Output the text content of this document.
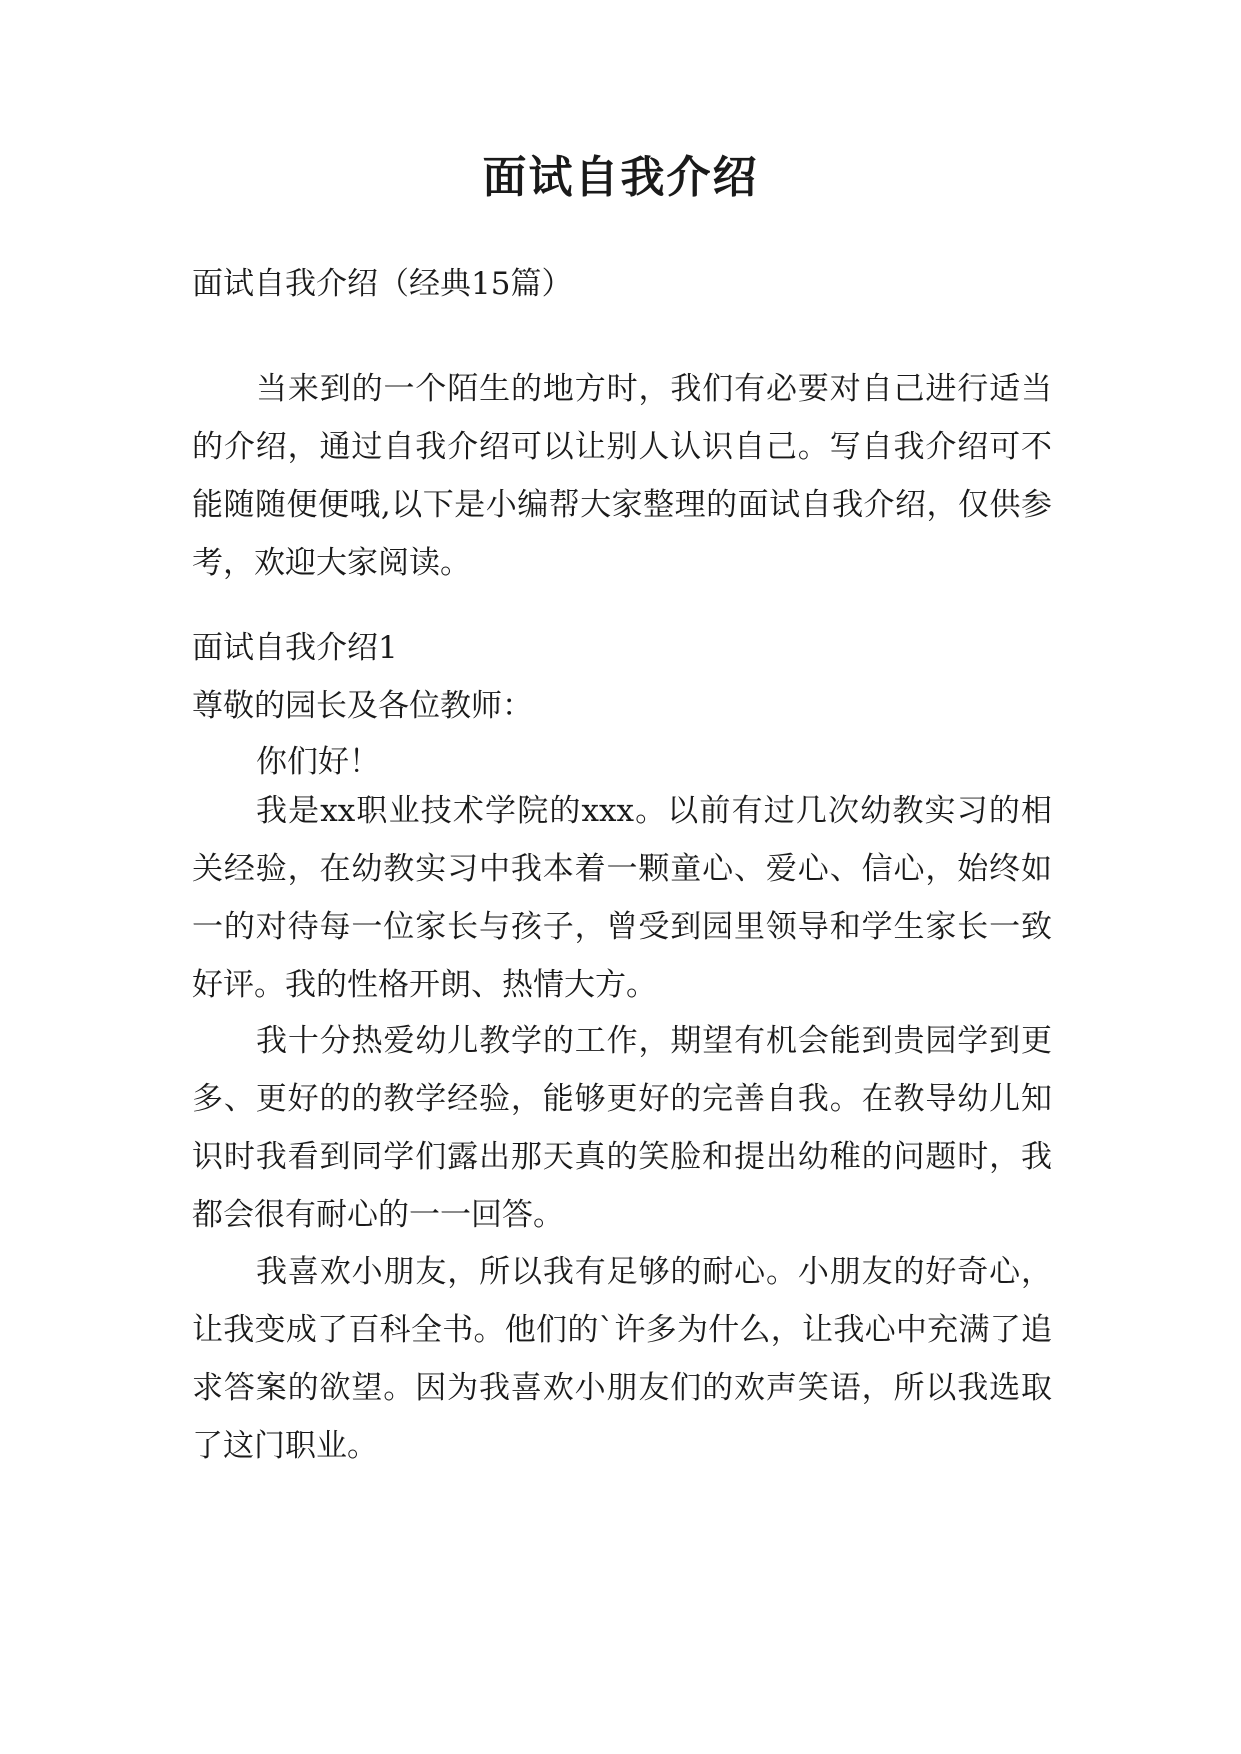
面试自我介绍
面试自我介绍（经典15篇）
当来到的一个陌生的地方时，我们有必要对自己进行适当的介绍，通过自我介绍可以让别人认识自己。写自我介绍可不能随随便便哦,以下是小编帮大家整理的面试自我介绍，仅供参考，欢迎大家阅读。
面试自我介绍1
尊敬的园长及各位教师：
你们好！
我是xx职业技术学院的xxx。以前有过几次幼教实习的相关经验，在幼教实习中我本着一颗童心、爱心、信心，始终如一的对待每一位家长与孩子，曾受到园里领导和学生家长一致好评。我的性格开朗、热情大方。
我十分热爱幼儿教学的工作，期望有机会能到贵园学到更多、更好的的教学经验，能够更好的完善自我。在教导幼儿知识时我看到同学们露出那天真的笑脸和提出幼稚的问题时，我都会很有耐心的一一回答。
我喜欢小朋友，所以我有足够的耐心。小朋友的好奇心，让我变成了百科全书。他们的`许多为什么，让我心中充满了追求答案的欲望。因为我喜欢小朋友们的欢声笑语，所以我选取了这门职业。
